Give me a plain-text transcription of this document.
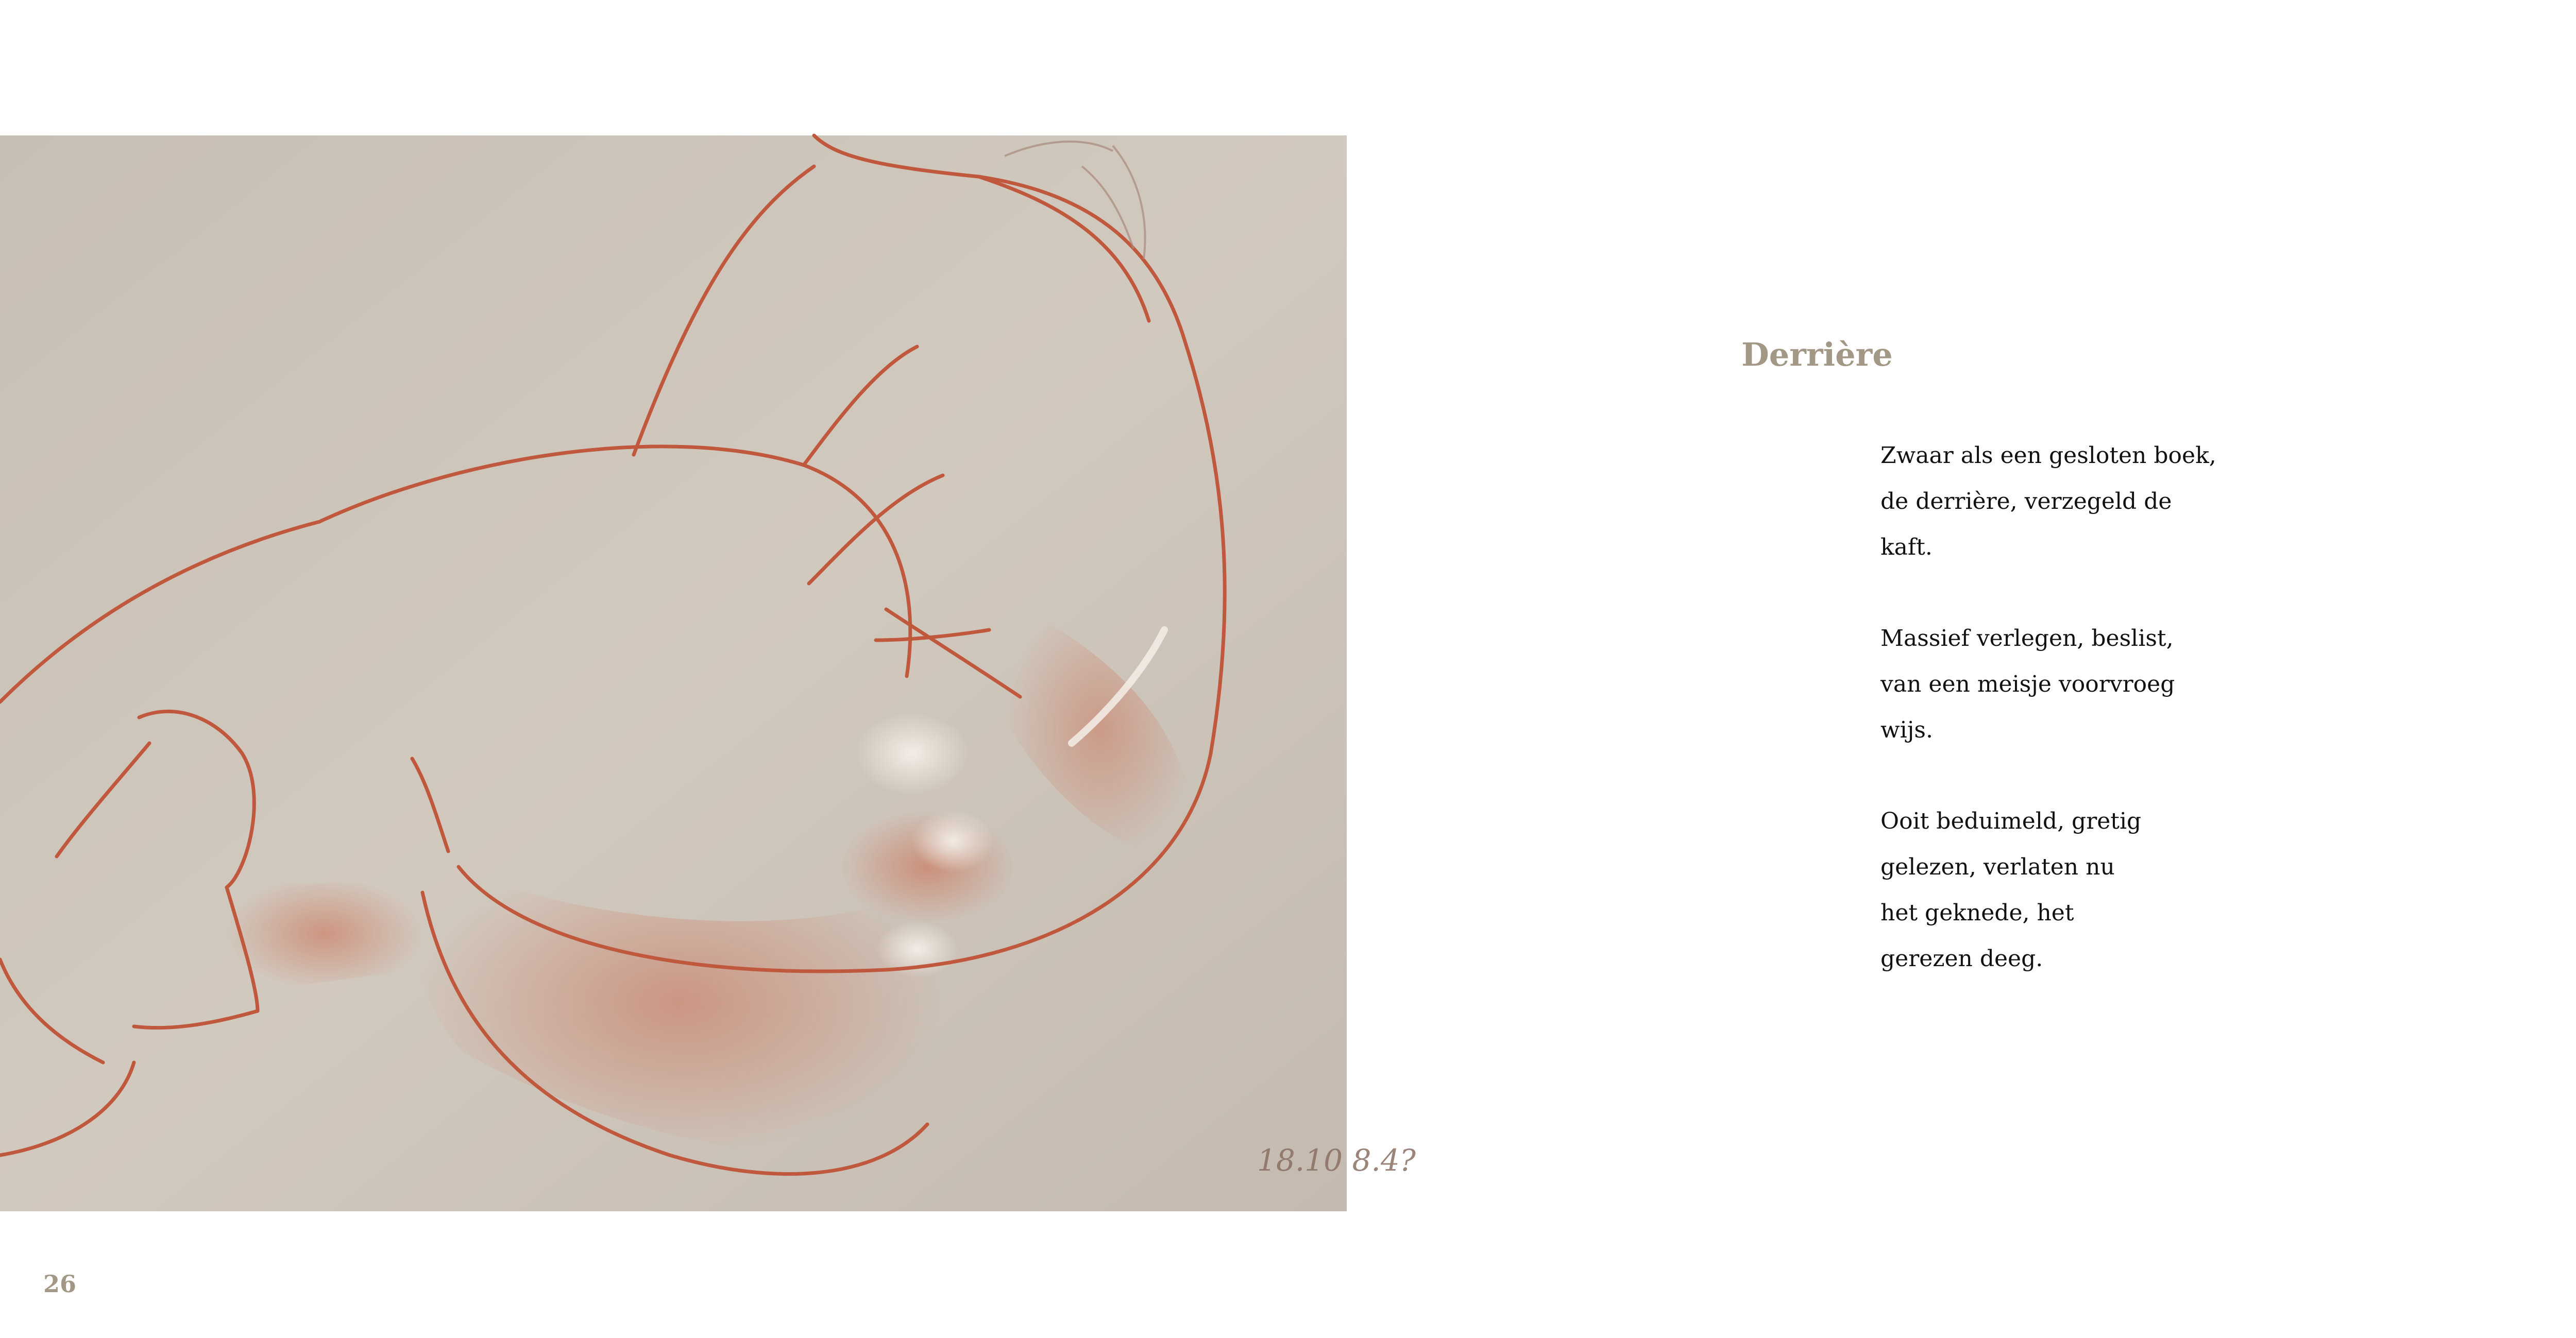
18.10 8.4?
Derrière
Zwaar als een gesloten boek,
de derrière, verzegeld de
kaft.
Massief verlegen, beslist,
van een meisje voorvroeg
wijs.
Ooit beduimeld, gretig
gelezen, verlaten nu
het geknede, het
gerezen deeg.
26
